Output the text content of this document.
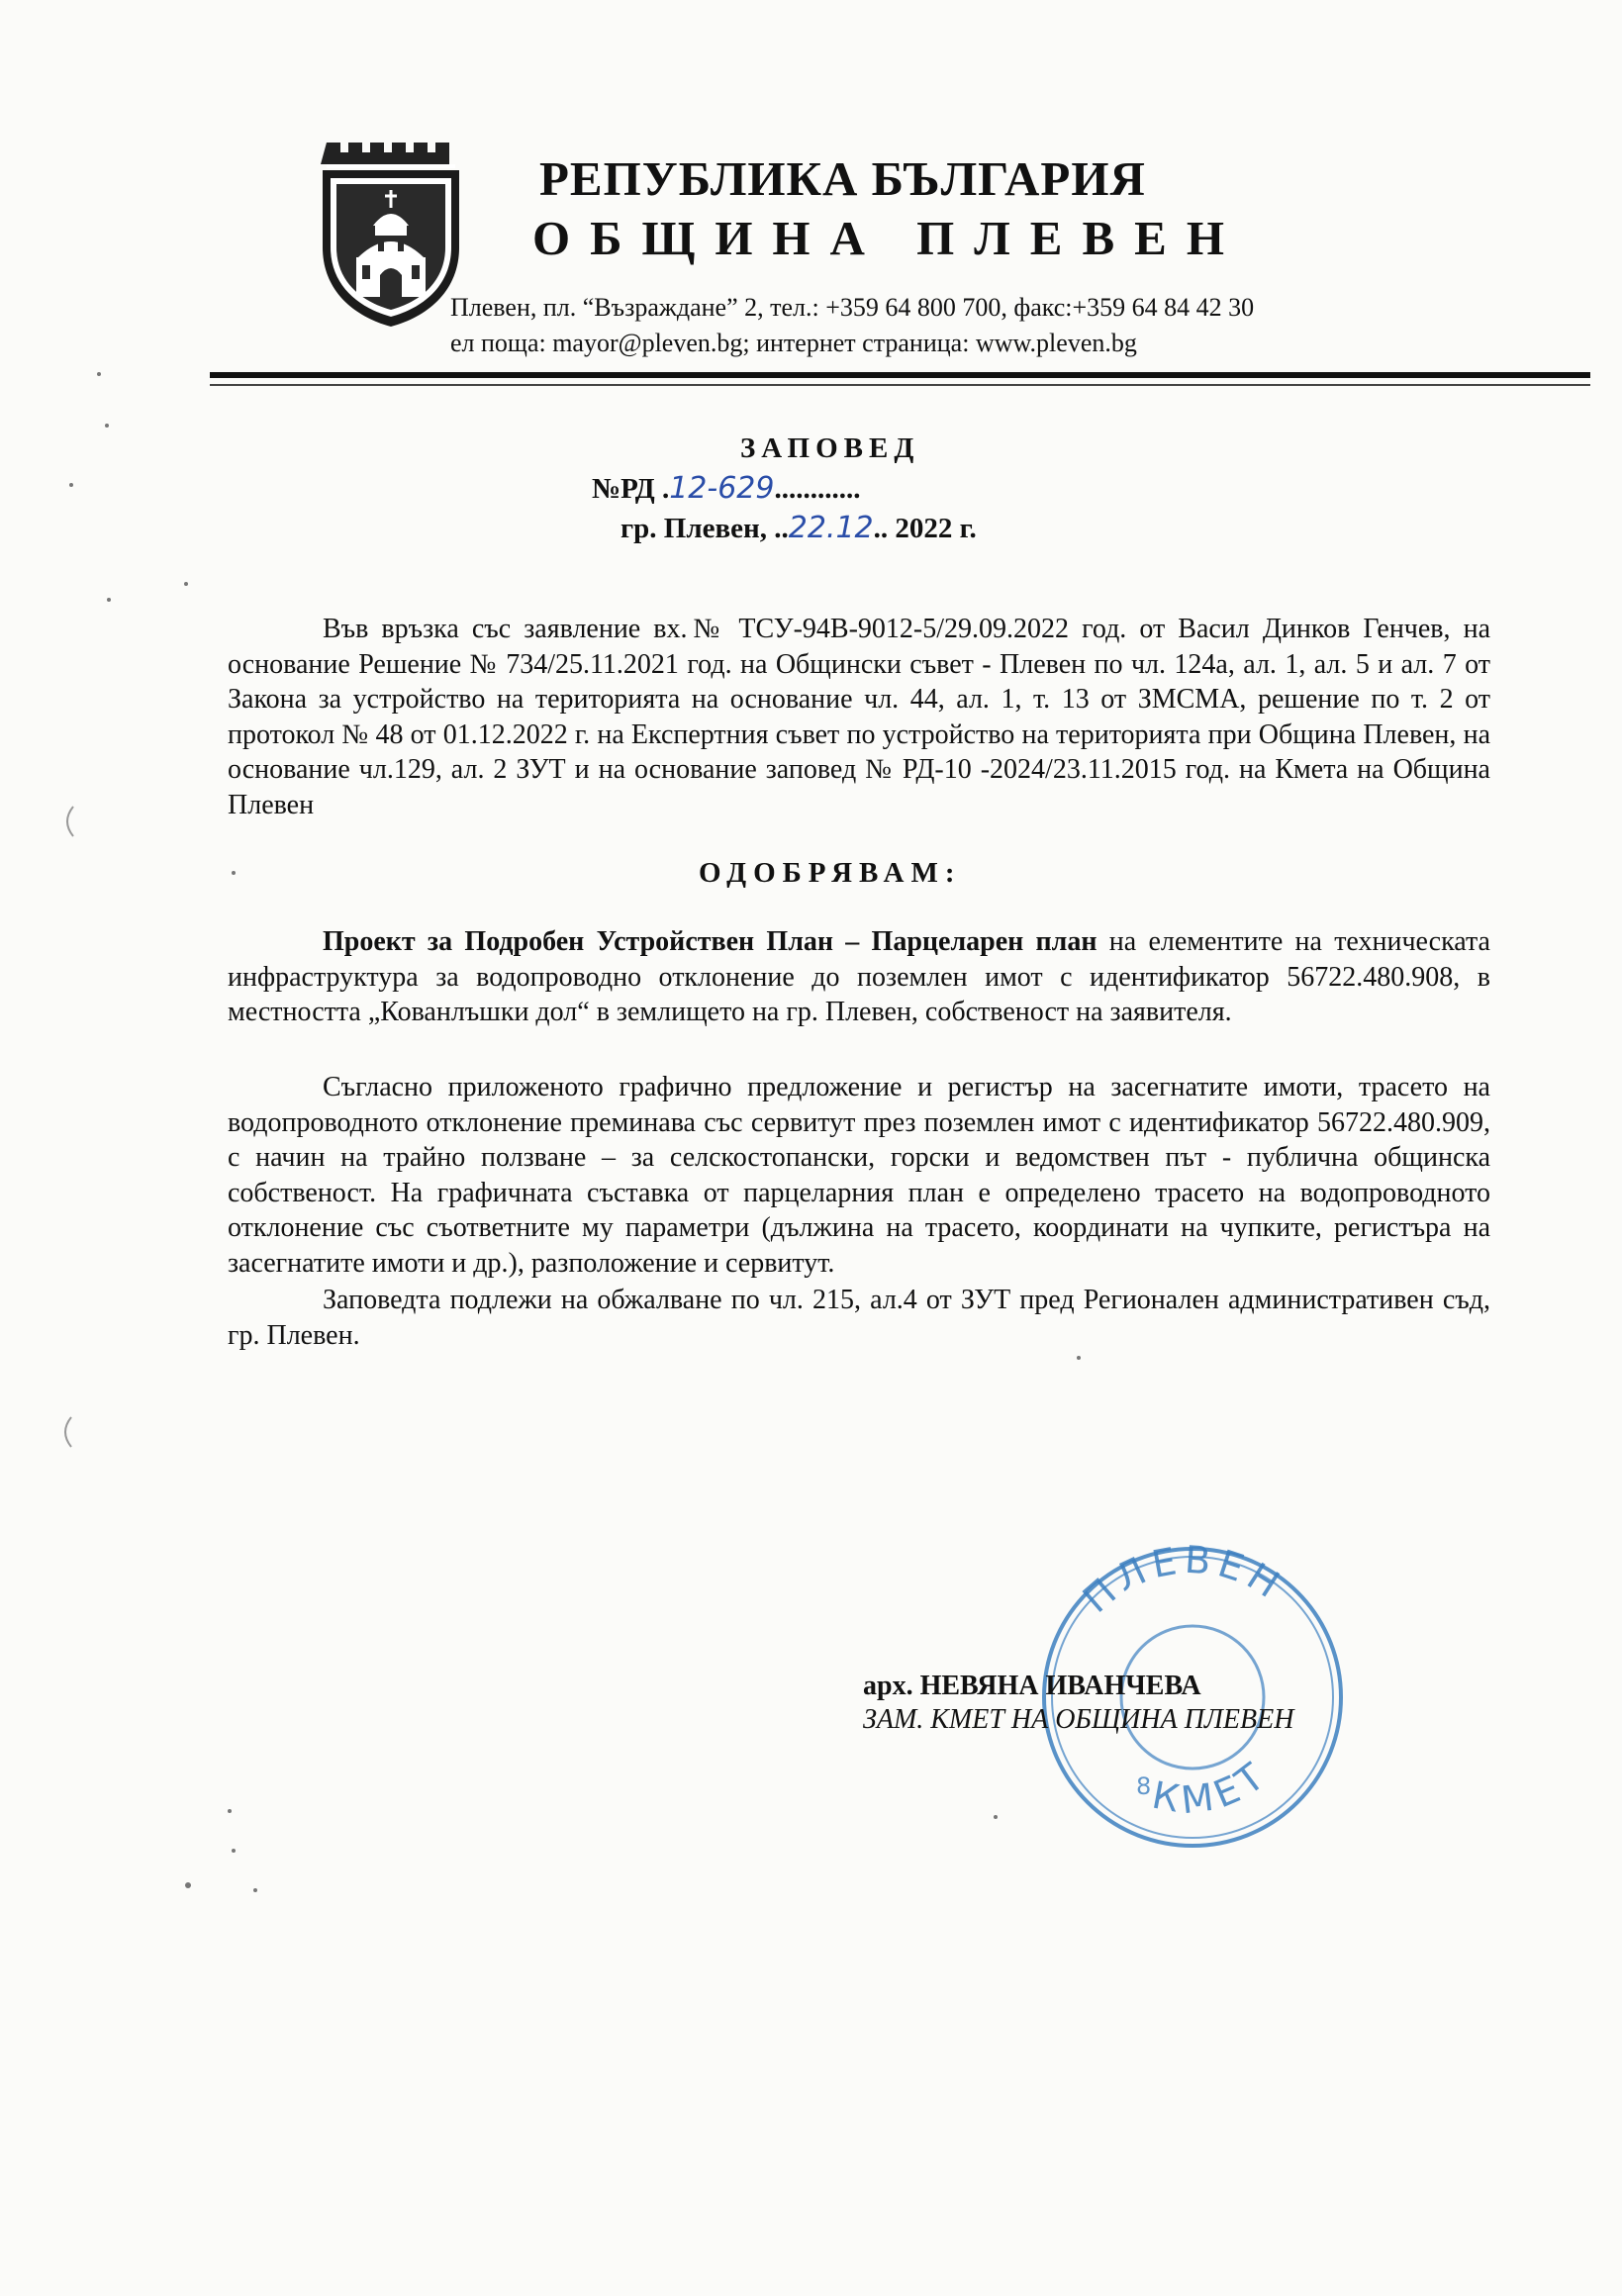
РЕПУБЛИКА БЪЛГАРИЯ
ОБЩИНА ПЛЕВЕН
Плевен, пл. “Възраждане” 2, тел.: +359 64 800 700, факс:+359 64 84 42 30
ел поща: mayor@pleven.bg; интернет страница: www.pleven.bg
ЗАПОВЕД
№РД .12-629............
гр. Плевен, ..22.12.. 2022 г.
Във връзка със заявление вх.№ ТСУ-94В-9012-5/29.09.2022 год. от Васил Динков Генчев, на основание Решение № 734/25.11.2021 год. на Общински съвет - Плевен по чл. 124а, ал. 1, ал. 5 и ал. 7 от Закона за устройство на територията на основание чл. 44, ал. 1, т. 13 от ЗМСМА, решение по т. 2 от протокол № 48 от 01.12.2022 г. на Експертния съвет по устройство на територията при Община Плевен, на основание чл.129, ал. 2 ЗУТ и на основание заповед № РД-10 -2024/23.11.2015 год. на Кмета на Община Плевен
ОДОБРЯВАМ:
Проект за Подробен Устройствен План – Парцеларен план на елементите на техническата инфраструктура за водопроводно отклонение до поземлен имот с идентификатор 56722.480.908, в местността „Кованлъшки дол“ в землището на гр. Плевен, собственост на заявителя.
Съгласно приложеното графично предложение и регистър на засегнатите имоти, трасето на водопроводното отклонение преминава със сервитут през поземлен имот с идентификатор 56722.480.909, с начин на трайно ползване – за селскостопански, горски и ведомствен път - публична общинска собственост. На графичната съставка от парцеларния план е определено трасето на водопроводното отклонение със съответните му параметри (дължина на трасето, координати на чупките, регистъра на засегнатите имоти и др.), разположение и сервитут.
Заповедта подлежи на обжалване по чл. 215, ал.4 от ЗУТ пред Регионален административен съд, гр. Плевен.
ПЛЕВЕН
КМЕТ
8
арх. НЕВЯНА ИВАНЧЕВА
ЗАМ. КМЕТ НА ОБЩИНА ПЛЕВЕН
